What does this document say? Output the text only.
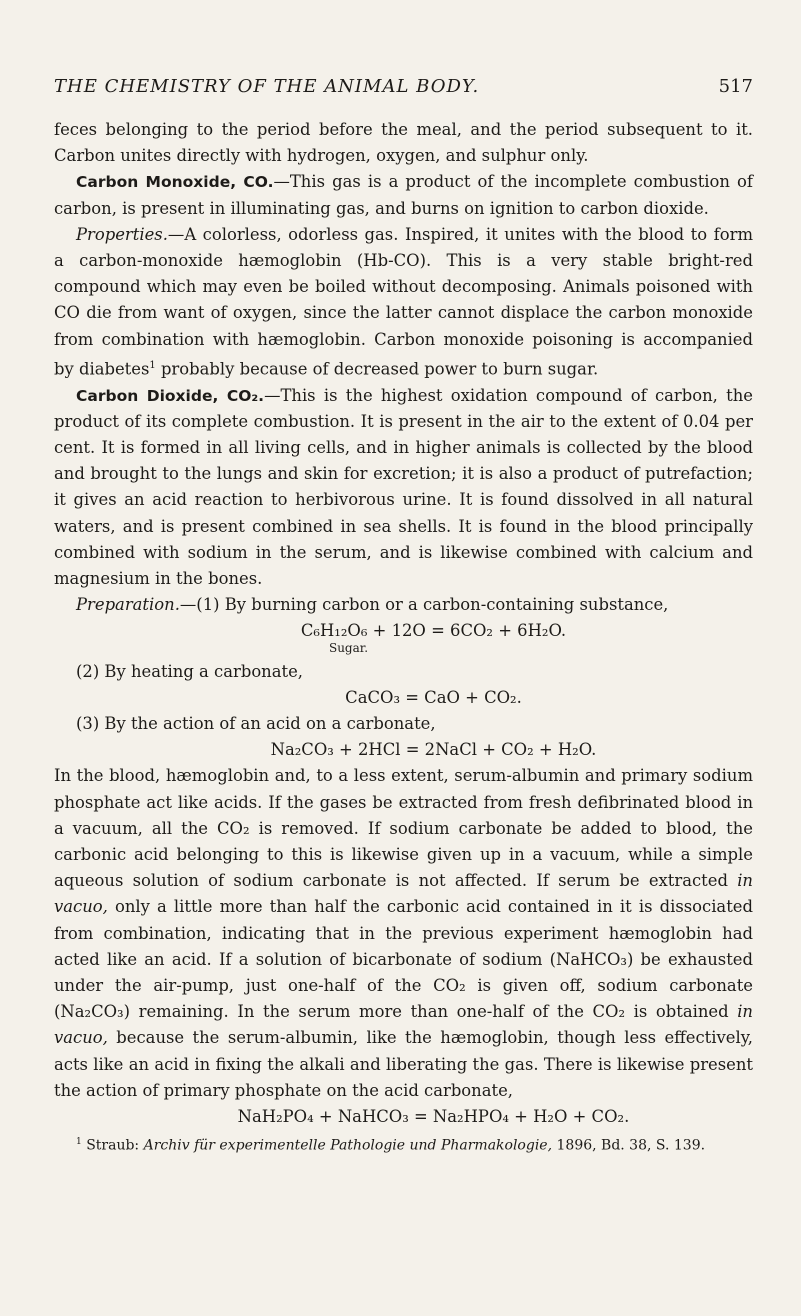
THE CHEMISTRY OF THE ANIMAL BODY.	517

feces belonging to the period before the meal, and the period subsequent to it. Carbon unites directly with hydrogen, oxygen, and sulphur only.

Carbon Monoxide, CO.—This gas is a product of the incomplete combustion of carbon, is present in illuminating gas, and burns on ignition to carbon dioxide.

Properties.—A colorless, odorless gas. Inspired, it unites with the blood to form a carbon-monoxide hæmoglobin (Hb-CO). This is a very stable bright-red compound which may even be boiled without decomposing. Animals poisoned with CO die from want of oxygen, since the latter cannot displace the carbon monoxide from combination with hæmoglobin. Carbon monoxide poisoning is accompanied by diabetes$^1$ probably because of decreased power to burn sugar.

Carbon Dioxide, CO₂.—This is the highest oxidation compound of carbon, the product of its complete combustion. It is present in the air to the extent of 0.04 per cent. It is formed in all living cells, and in higher animals is collected by the blood and brought to the lungs and skin for excretion; it is also a product of putrefaction; it gives an acid reaction to herbivorous urine. It is found dissolved in all natural waters, and is present combined in sea shells. It is found in the blood principally combined with sodium in the serum, and is likewise combined with calcium and magnesium in the bones.

Preparation.—(1) By burning carbon or a carbon-containing substance,

C₆H₁₂O₆ + 12O = 6CO₂ + 6H₂O.

Sugar.

(2) By heating a carbonate,

CaCO₃ = CaO + CO₂.

(3) By the action of an acid on a carbonate,

Na₂CO₃ + 2HCl = 2NaCl + CO₂ + H₂O.

In the blood, hæmoglobin and, to a less extent, serum-albumin and primary sodium phosphate act like acids. If the gases be extracted from fresh defibrinated blood in a vacuum, all the CO₂ is removed. If sodium carbonate be added to blood, the carbonic acid belonging to this is likewise given up in a vacuum, while a simple aqueous solution of sodium carbonate is not affected. If serum be extracted in vacuo, only a little more than half the carbonic acid contained in it is dissociated from combination, indicating that in the previous experiment hæmoglobin had acted like an acid. If a solution of bicarbonate of sodium (NaHCO₃) be exhausted under the air-pump, just one-half of the CO₂ is given off, sodium carbonate (Na₂CO₃) remaining. In the serum more than one-half of the CO₂ is obtained in vacuo, because the serum-albumin, like the hæmoglobin, though less effectively, acts like an acid in fixing the alkali and liberating the gas. There is likewise present the action of primary phosphate on the acid carbonate,

NaH₂PO₄ + NaHCO₃ = Na₂HPO₄ + H₂O + CO₂.

$^1$ Straub: Archiv für experimentelle Pathologie und Pharmakologie, 1896, Bd. 38, S. 139.
